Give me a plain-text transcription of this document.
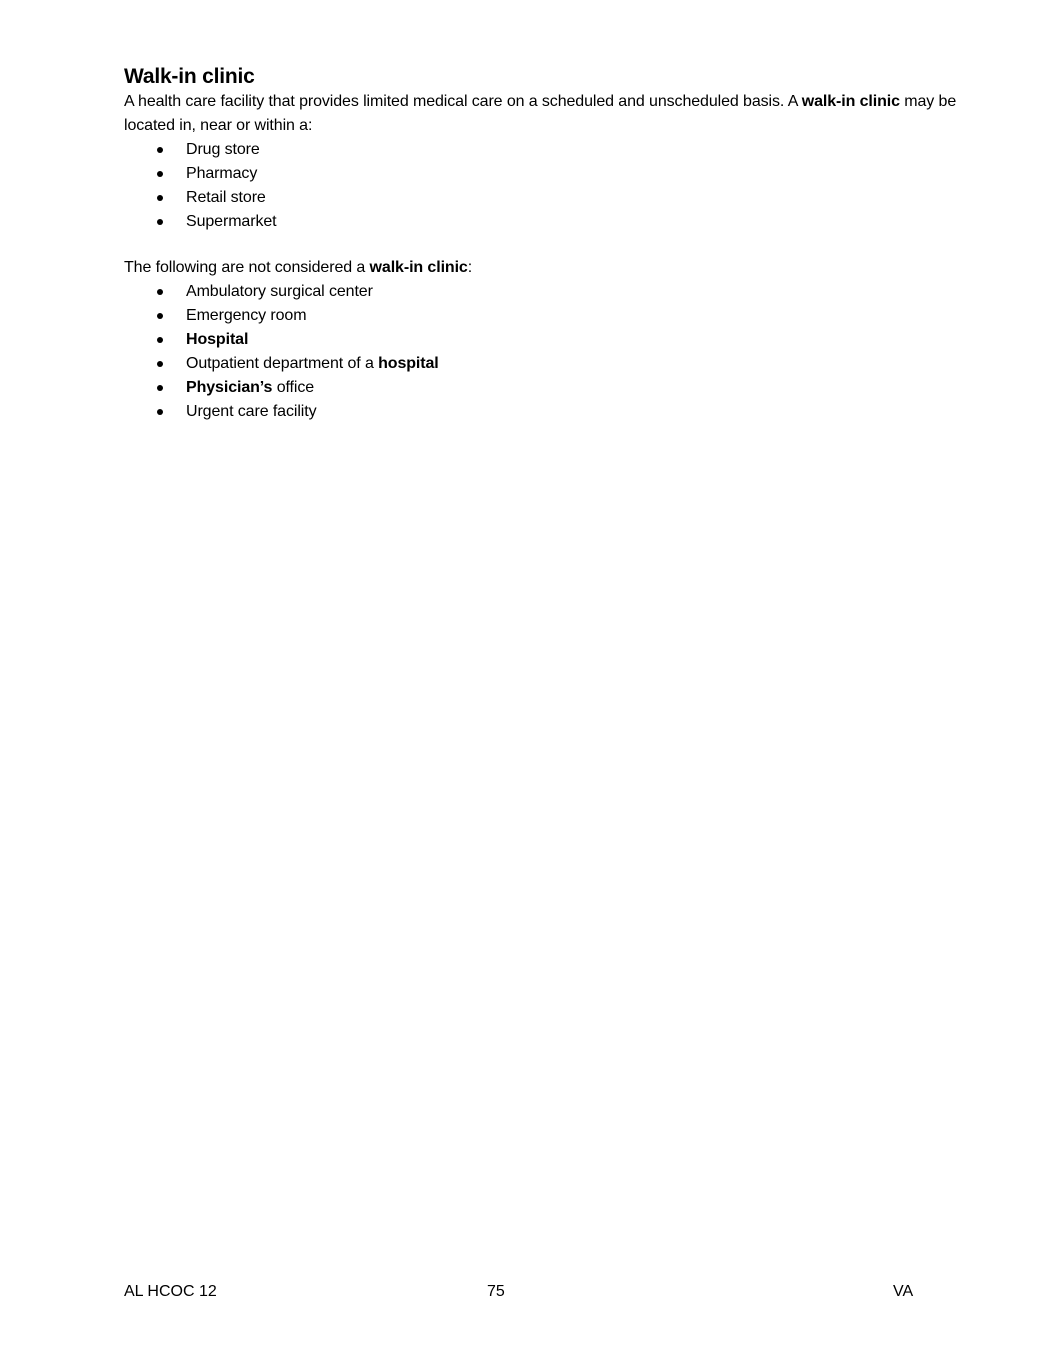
Walk-in clinic

A health care facility that provides limited medical care on a scheduled and unscheduled basis. A walk-in clinic may be located in, near or within a:

Drug store
Pharmacy
Retail store
Supermarket

The following are not considered a walk-in clinic:

Ambulatory surgical center
Emergency room
Hospital
Outpatient department of a hospital
Physician’s office
Urgent care facility
AL HCOC 12	75	VA
